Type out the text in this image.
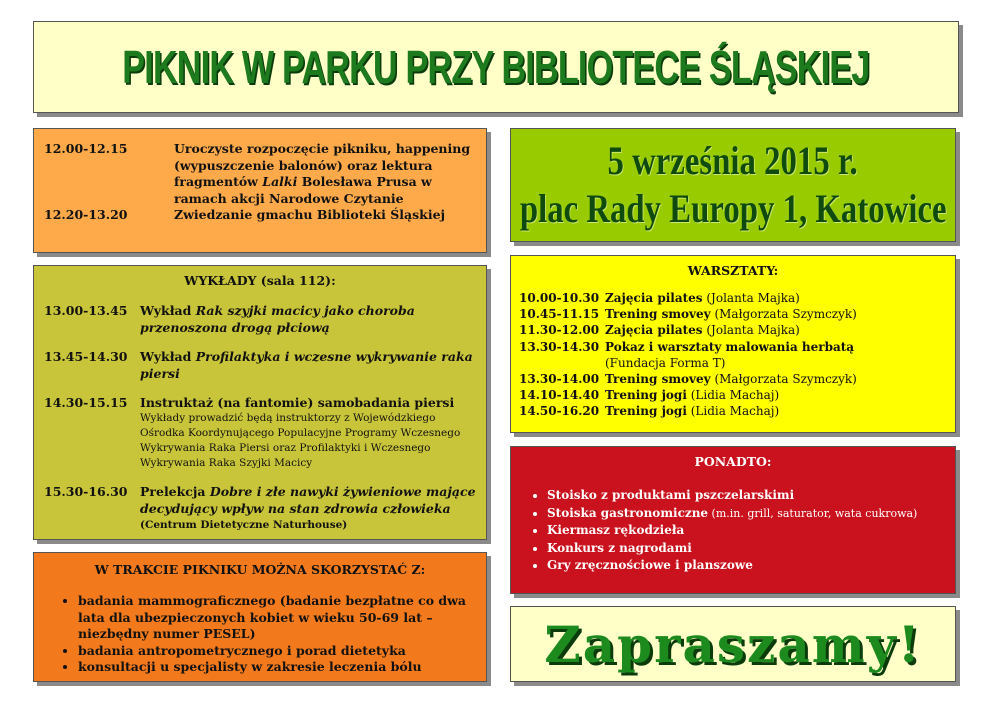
PIKNIK W PARKU PRZY BIBLIOTECE ŚLĄSKIEJ
12.00-12.15	Uroczyste rozpoczęcie pikniku, happening (wypuszczenie balonów) oraz lektura fragmentów Lalki Bolesława Prusa w ramach akcji Narodowe Czytanie
12.20-13.20	Zwiedzanie gmachu Biblioteki Śląskiej
5 września 2015 r.
plac Rady Europy 1, Katowice
WYKŁADY (sala 112):
13.00-13.45	Wykład Rak szyjki macicy jako choroba przenoszona drogą płciową
13.45-14.30	Wykład Profilaktyka i wczesne wykrywanie raka piersi
14.30-15.15	Instruktaż (na fantomie) samobadania piersi
Wykłady prowadzić będą instruktorzy z Wojewódzkiego Ośrodka Koordynującego Populacyjne Programy Wczesnego Wykrywania Raka Piersi oraz Profilaktyki i Wczesnego Wykrywania Raka Szyjki Macicy
15.30-16.30	Prelekcja Dobre i złe nawyki żywieniowe mające decydujący wpływ na stan zdrowia człowieka
(Centrum Dietetyczne Naturhouse)
WARSZTATY:
10.00-10.30 Zajęcia pilates (Jolanta Majka)
10.45-11.15 Trening smovey (Małgorzata Szymczyk)
11.30-12.00 Zajęcia pilates (Jolanta Majka)
13.30-14.30 Pokaz i warsztaty malowania herbatą
(Fundacja Forma T)
13.30-14.00 Trening smovey (Małgorzata Szymczyk)
14.10-14.40 Trening jogi (Lidia Machaj)
14.50-16.20 Trening jogi (Lidia Machaj)
PONADTO:
• Stoisko z produktami pszczelarskimi
• Stoiska gastronomiczne (m.in. grill, saturator, wata cukrowa)
• Kiermasz rękodzieła
• Konkurs z nagrodami
• Gry zręcznościowe i planszowe
W TRAKCIE PIKNIKU MOŻNA SKORZYSTAĆ Z:
• badania mammograficznego (badanie bezpłatne co dwa lata dla ubezpieczonych kobiet w wieku 50-69 lat – niezbędny numer PESEL)
• badania antropometrycznego i porad dietetyka
• konsultacji u specjalisty w zakresie leczenia bólu	Zapraszamy!
